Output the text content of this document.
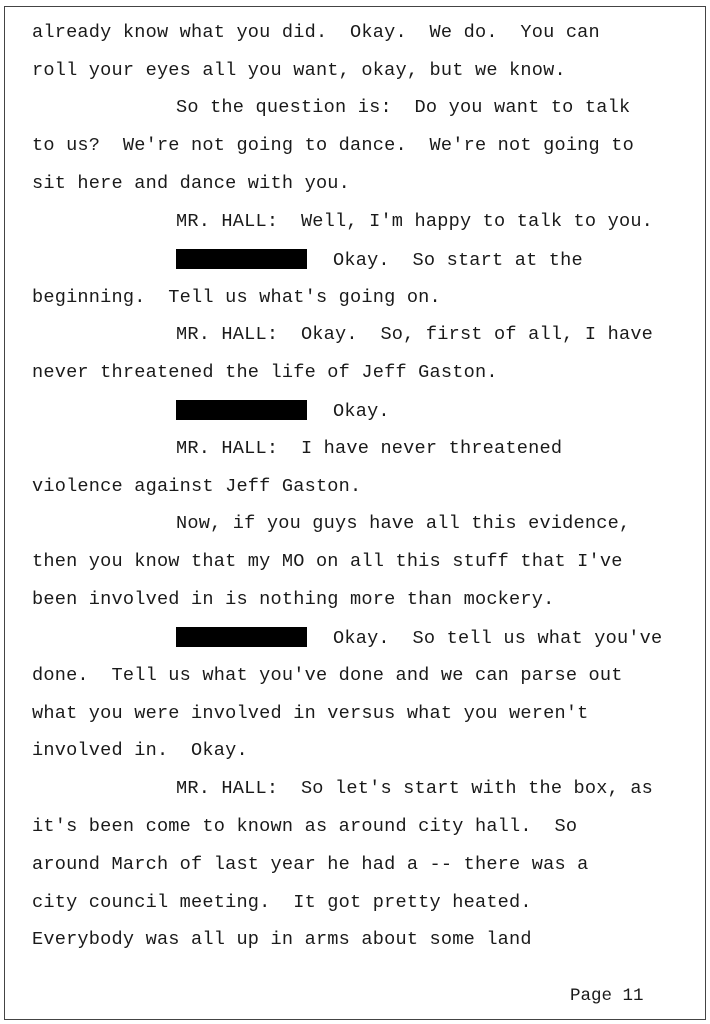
already know what you did.  Okay.  We do.  You can
roll your eyes all you want, okay, but we know.
So the question is:  Do you want to talk
to us?  We're not going to dance.  We're not going to
sit here and dance with you.
MR. HALL:  Well, I'm happy to talk to you.
Okay.  So start at the
beginning.  Tell us what's going on.
MR. HALL:  Okay.  So, first of all, I have
never threatened the life of Jeff Gaston.
Okay.
MR. HALL:  I have never threatened
violence against Jeff Gaston.
Now, if you guys have all this evidence,
then you know that my MO on all this stuff that I've
been involved in is nothing more than mockery.
Okay.  So tell us what you've
done.  Tell us what you've done and we can parse out
what you were involved in versus what you weren't
involved in.  Okay.
MR. HALL:  So let's start with the box, as
it's been come to known as around city hall.  So
around March of last year he had a -- there was a
city council meeting.  It got pretty heated.
Everybody was all up in arms about some land
Page 11
